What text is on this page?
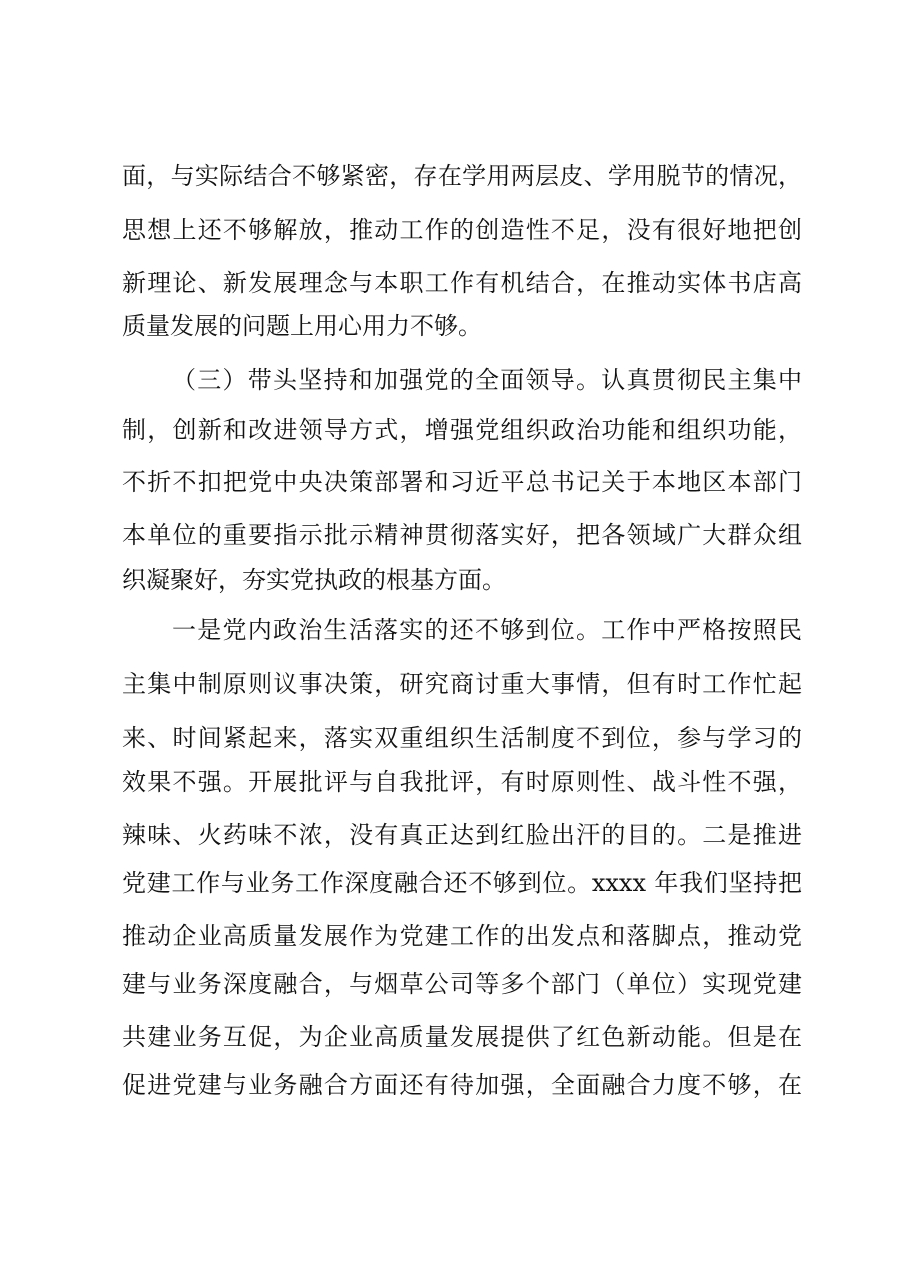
面，与实际结合不够紧密，存在学用两层皮、学用脱节的情况，
思想上还不够解放，推动工作的创造性不足，没有很好地把创
新理论、新发展理念与本职工作有机结合，在推动实体书店高
质量发展的问题上用心用力不够。
（三）带头坚持和加强党的全面领导。认真贯彻民主集中
制，创新和改进领导方式，增强党组织政治功能和组织功能，
不折不扣把党中央决策部署和习近平总书记关于本地区本部门
本单位的重要指示批示精神贯彻落实好，把各领域广大群众组
织凝聚好，夯实党执政的根基方面。
一是党内政治生活落实的还不够到位。工作中严格按照民
主集中制原则议事决策，研究商讨重大事情，但有时工作忙起
来、时间紧起来，落实双重组织生活制度不到位，参与学习的
效果不强。开展批评与自我批评，有时原则性、战斗性不强，
辣味、火药味不浓，没有真正达到红脸出汗的目的。二是推进
党建工作与业务工作深度融合还不够到位。xxxx 年我们坚持把
推动企业高质量发展作为党建工作的出发点和落脚点，推动党
建与业务深度融合，与烟草公司等多个部门（单位）实现党建
共建业务互促，为企业高质量发展提供了红色新动能。但是在
促进党建与业务融合方面还有待加强，全面融合力度不够，在
